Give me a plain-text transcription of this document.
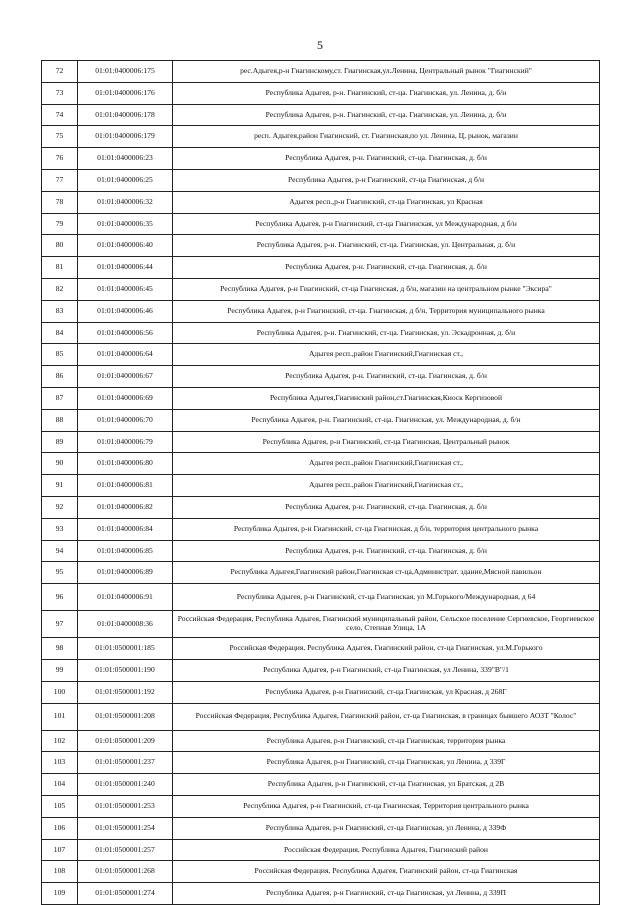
5
72	01:01:0400006:175	рес.Адыгея,р-н Гиагинскому,ст. Гиагинская,ул.Ленина, Центральный рынок "Гиагинский"
73	01:01:0400006:176	Республика Адыгея, р-н. Гиагинский, ст-ца. Гиагинская, ул. Ленина, д. б/н
74	01:01:0400006:178	Республика Адыгея, р-н. Гиагинский, ст-ца. Гиагинская, ул. Ленина, д. б/н
75	01:01:0400006:179	респ. Адыгея,район Гиагинский, ст. Гиагинская,по ул. Ленина, Ц, рынок, магазин
76	01:01:0400006:23	Республика Адыгея, р-н. Гиагинский, ст-ца. Гиагинская, д. б/н
77	01:01:0400006:25	Республика Адыгея, р-н Гиагинский, ст-ца Гиагинская, д б/н
78	01:01:0400006:32	Адыгея респ.,р-н Гиагинский, ст-ца Гиагинская, ул Красная
79	01:01:0400006:35	Республика Адыгея, р-н Гиагинский, ст-ца Гиагинская, ул Международная, д б/н
80	01:01:0400006:40	Республика Адыгея, р-н. Гиагинский, ст-ца. Гиагинская, ул. Центральная, д. б/н
81	01:01:0400006:44	Республика Адыгея, р-н. Гиагинский, ст-ца. Гиагинская, д. б/н
82	01:01:0400006:45	Республика Адыгея, р-н Гиагинский, ст-ца Гиагинская, д б/н, магазин на центральном рынке "Эксира"
83	01:01:0400006:46	Республика Адыгея, р-н Гиагинский, ст-ца. Гиагинская, д б/н, Территория муниципального рынка
84	01:01:0400006:56	Республика Адыгея, р-н. Гиагинский, ст-ца. Гиагинская, ул. Эскадронная, д. б/н
85	01:01:0400006:64	Адыгея респ.,район Гиагинский,Гиагинская ст.,
86	01:01:0400006:67	Республика Адыгея, р-н. Гиагинский, ст-ца. Гиагинская, д. б/н
87	01:01:0400006:69	Республика Адыгея,Гиагинский район,ст.Гиагинская,Киоск Кергизовой
88	01:01:0400006:70	Республика Адыгея, р-н. Гиагинский, ст-ца. Гиагинская, ул. Международная, д. б/н
89	01:01:0400006:79	Республика Адыгея, р-н Гиагинский, ст-ца Гиагинская, Центральный рынок
90	01:01:0400006:80	Адыгея респ.,район Гиагинский,Гиагинская ст.,
91	01:01:0400006:81	Адыгея респ.,район Гиагинский,Гиагинская ст.,
92	01:01:0400006:82	Республика Адыгея, р-н. Гиагинский, ст-ца. Гиагинская, д. б/н
93	01:01:0400006:84	Республика Адыгея, р-н Гиагинский, ст-ца Гиагинская, д б/н, территория центрального рынка
94	01:01:0400006:85	Республика Адыгея, р-н. Гиагинский, ст-ца. Гиагинская, д. б/н
95	01:01:0400006:89	Республика Адыгея,Гиагинский район,Гиагинская ст-ца,Администрат. здание,Мясной павильон
96	01:01:0400006:91	Республика Адыгея, р-н Гиагинский, ст-ца Гиагинская, ул М.Горького/Международная, д 64
97	01:01:0400008:36	Российская Федерация, Республика Адыгея, Гиагинский муниципальный район, Сельское поселение Сергиевское, Георгиевское село, Степная Улица, 1А
98	01:01:0500001:185	Российская Федерация, Республика Адыгея, Гиагинский район, ст-ца Гиагинская, ул.М.Горького
99	01:01:0500001:190	Республика Адыгея, р-н Гиагинский, ст-ца Гиагинская, ул Ленина, 339"В"/1
100	01:01:0500001:192	Республика Адыгея, р-н Гиагинский, ст-ца Гиагинская, ул Красная, д 268Г
101	01:01:0500001:208	Российская Федерация, Республика Адыгея, Гиагинский район, ст-ца Гиагинская, в границах бывшего АОЗТ "Колос"
102	01:01:0500001:209	Республика Адыгея, р-н Гиагинский, ст-ца Гиагинская, территория рынка
103	01:01:0500001:237	Республика Адыгея, р-н Гиагинский, ст-ца Гиагинская, ул Ленина, д 339Г
104	01:01:0500001:240	Республика Адыгея, р-н Гиагинский, ст-ца Гиагинская, ул Братская, д 2В
105	01:01:0500001:253	Республика Адыгея, р-н Гиагинский, ст-ца Гиагинская, Территория центрального рынка
106	01:01:0500001:254	Республика Адыгея, р-н Гиагинский, ст-ца Гиагинская, ул Ленина, д 339Ф
107	01:01:0500001:257	Российская Федерация, Республика Адыгея, Гиагинский район
108	01:01:0500001:268	Российская Федерация, Республика Адыгея, Гиагинский район, ст-ца Гиагинская
109	01:01:0500001:274	Республика Адыгея, р-н Гиагинский, ст-ца Гиагинская, ул Ленина, д 339П
